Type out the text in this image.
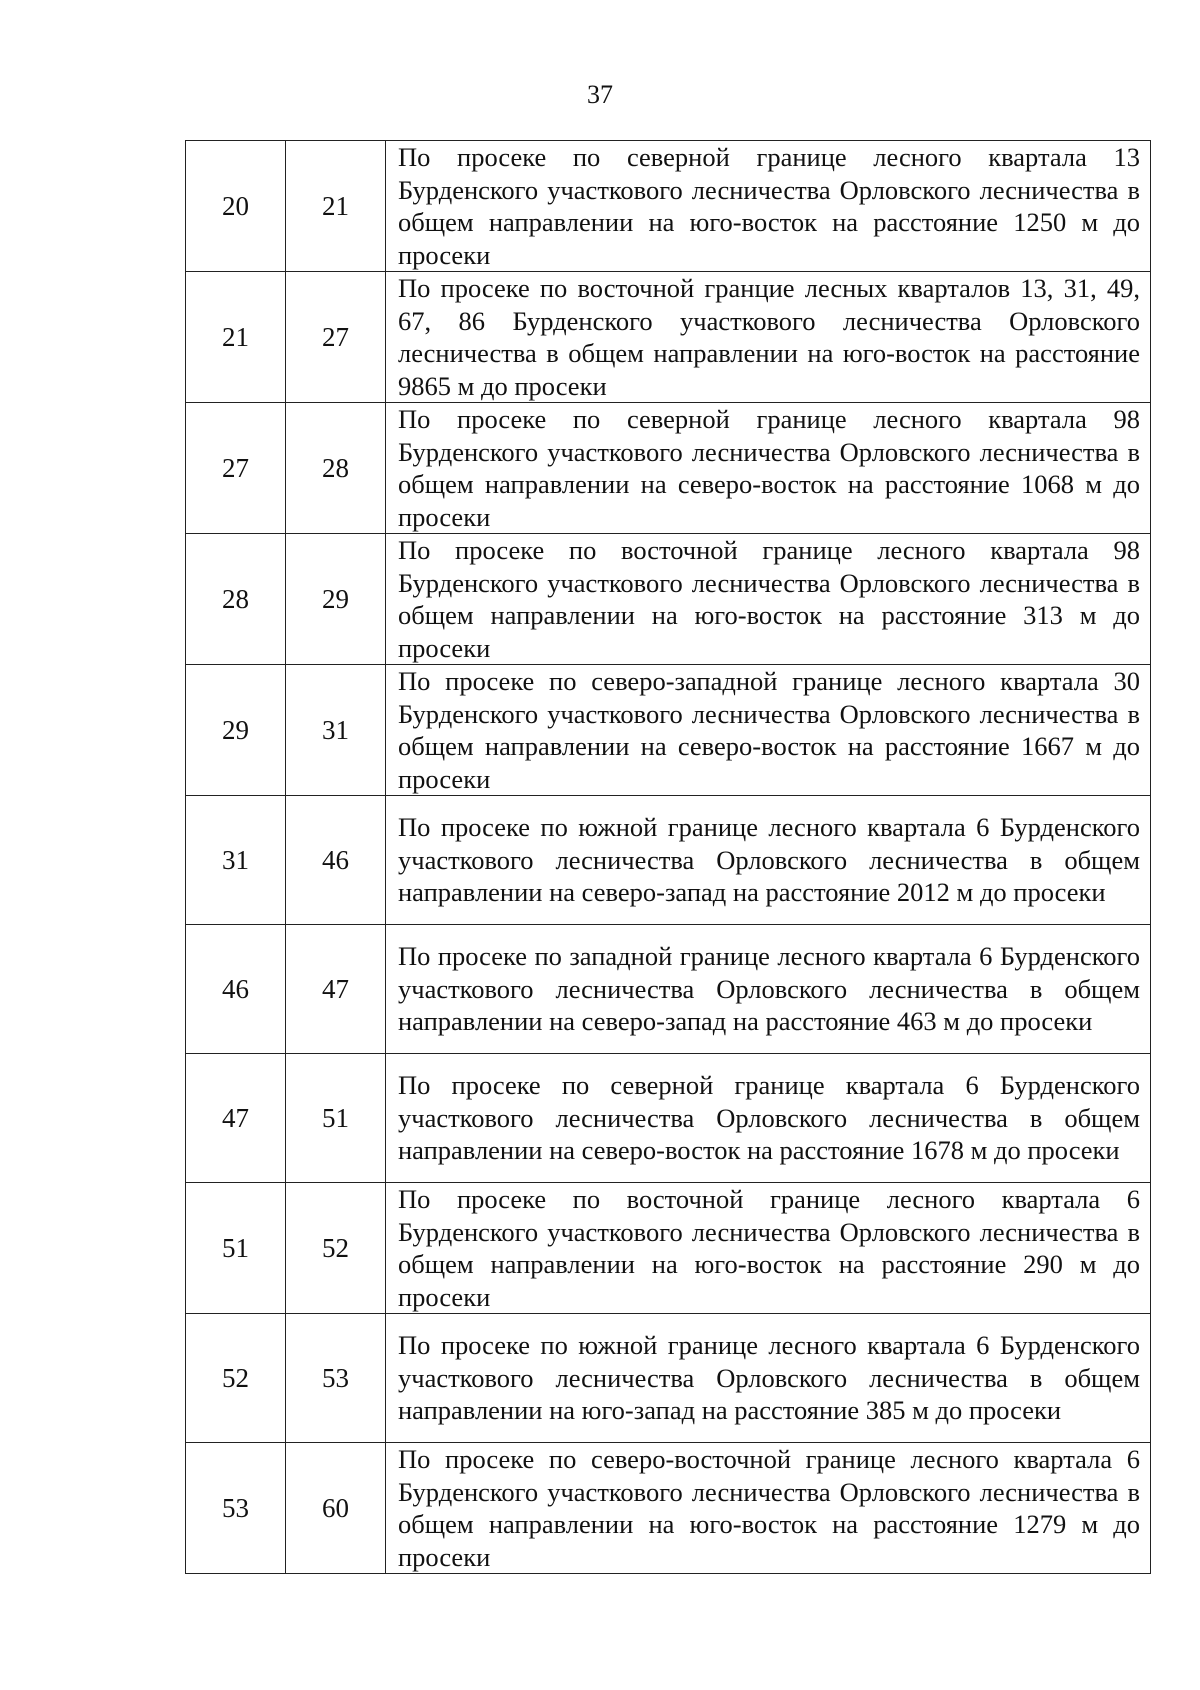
37
20	21	По просеке по северной границе лесного квартала 13 Бурденского участкового лесничества Орловского лесничества в общем направлении на юго-восток на расстояние 1250 м до просеки
21	27	По просеке по восточной гранцие лесных кварталов 13, 31, 49, 67, 86 Бурденского участкового лесничества Орловского лесничества в общем направлении на юго-восток на расстояние 9865 м до просеки
27	28	По просеке по северной границе лесного квартала 98 Бурденского участкового лесничества Орловского лесничества в общем направлении на северо-восток на расстояние 1068 м до просеки
28	29	По просеке по восточной границе лесного квартала 98 Бурденского участкового лесничества Орловского лесничества в общем направлении на юго-восток на расстояние 313 м до просеки
29	31	По просеке по северо-западной границе лесного квартала 30 Бурденского участкового лесничества Орловского лесничества в общем направлении на северо-восток на расстояние 1667 м до просеки
31	46	По просеке по южной границе лесного квартала 6 Бурденского участкового лесничества Орловского лесничества в общем направлении на северо-запад на расстояние 2012 м до просеки
46	47	По просеке по западной границе лесного квартала 6 Бурденского участкового лесничества Орловского лесничества в общем направлении на северо-запад на расстояние 463 м до просеки
47	51	По просеке по северной границе квартала 6 Бурденского участкового лесничества Орловского лесничества в общем направлении на северо-восток на расстояние 1678 м до просеки
51	52	По просеке по восточной границе лесного квартала 6 Бурденского участкового лесничества Орловского лесничества в общем направлении на юго-восток на расстояние 290 м до просеки
52	53	По просеке по южной границе лесного квартала 6 Бурденского участкового лесничества Орловского лесничества в общем направлении на юго-запад на расстояние 385 м до просеки
53	60	По просеке по северо-восточной границе лесного квартала 6 Бурденского участкового лесничества Орловского лесничества в общем направлении на юго-восток на расстояние 1279 м до просеки
